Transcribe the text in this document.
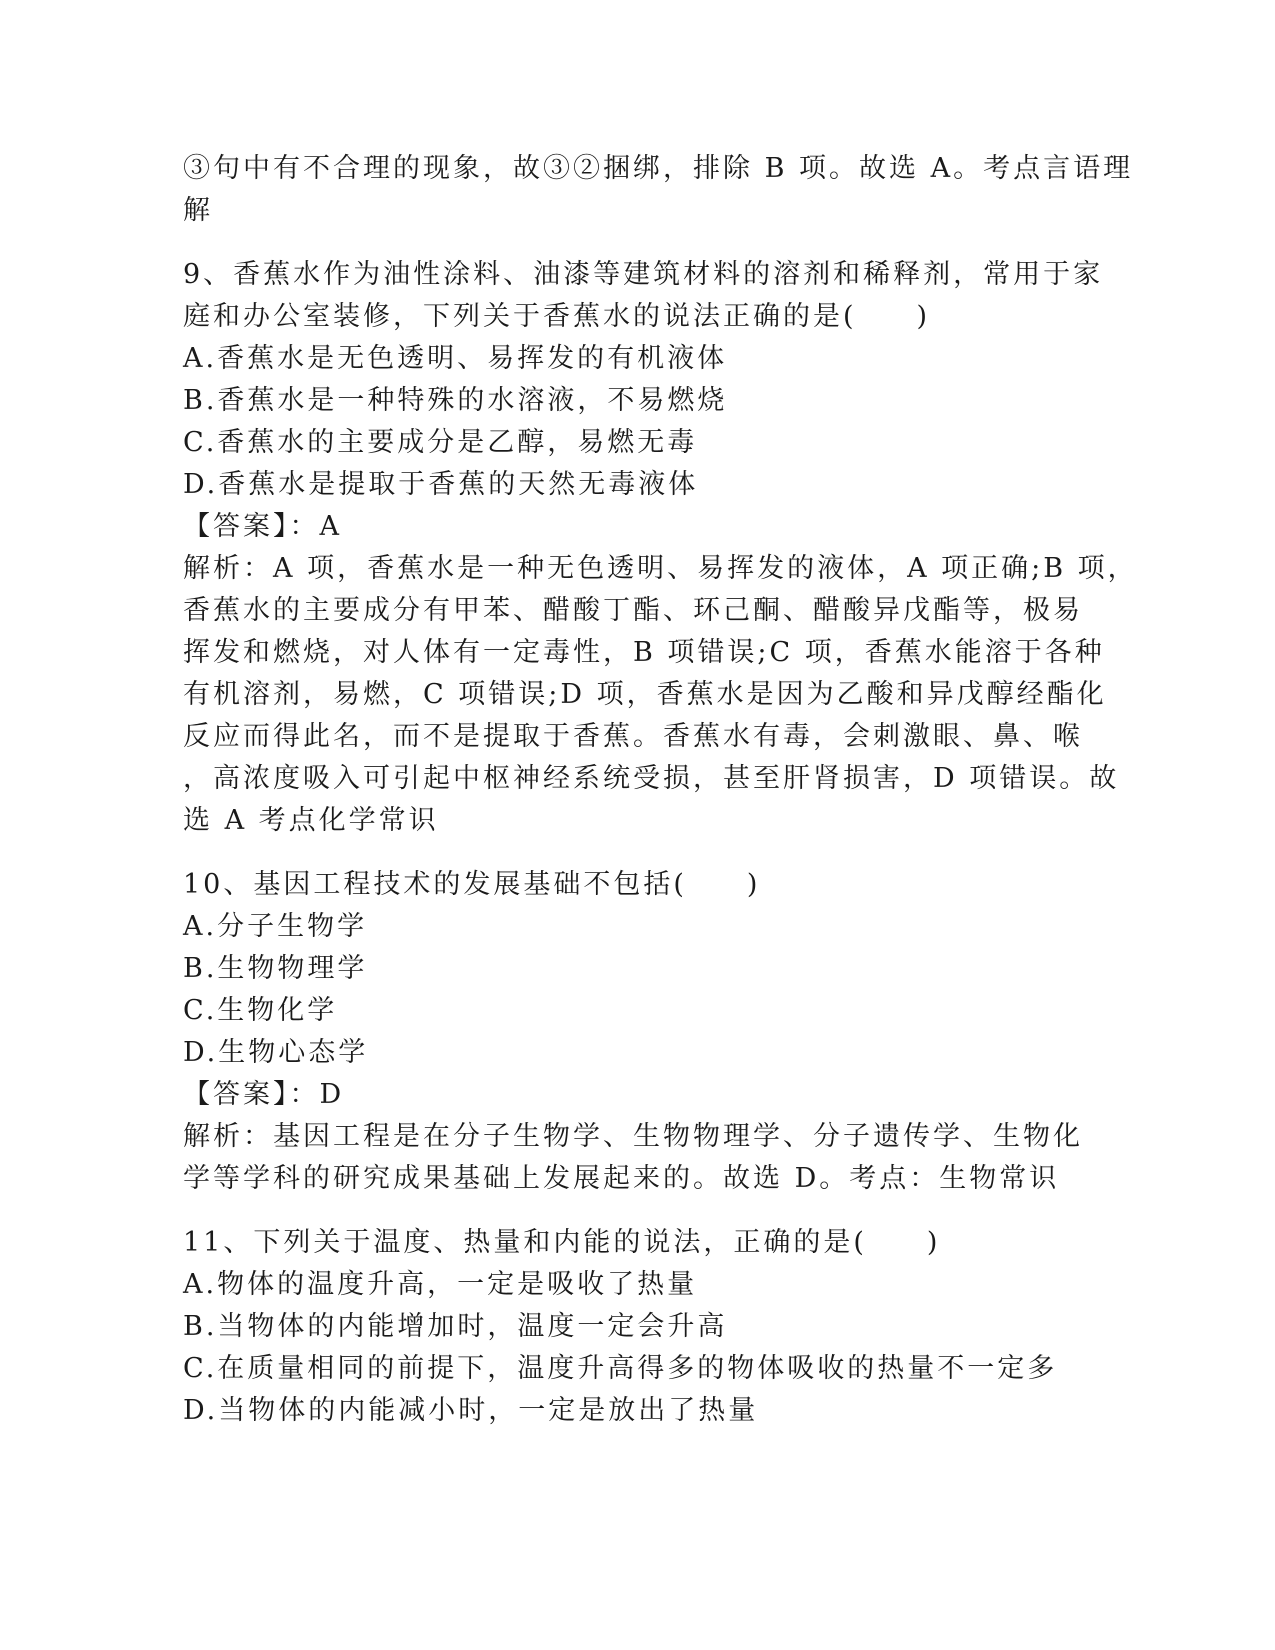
③句中有不合理的现象，故③②捆绑，排除 B 项。故选 A。考点言语理
解
9、香蕉水作为油性涂料、油漆等建筑材料的溶剂和稀释剂，常用于家
庭和办公室装修，下列关于香蕉水的说法正确的是(　　)
A.香蕉水是无色透明、易挥发的有机液体
B.香蕉水是一种特殊的水溶液，不易燃烧
C.香蕉水的主要成分是乙醇，易燃无毒
D.香蕉水是提取于香蕉的天然无毒液体
【答案】：A
解析：A 项，香蕉水是一种无色透明、易挥发的液体，A 项正确;B 项，
香蕉水的主要成分有甲苯、醋酸丁酯、环己酮、醋酸异戊酯等，极易
挥发和燃烧，对人体有一定毒性，B 项错误;C 项，香蕉水能溶于各种
有机溶剂，易燃，C 项错误;D 项，香蕉水是因为乙酸和异戊醇经酯化
反应而得此名，而不是提取于香蕉。香蕉水有毒，会刺激眼、鼻、喉
，高浓度吸入可引起中枢神经系统受损，甚至肝肾损害，D 项错误。故
选 A 考点化学常识
10、基因工程技术的发展基础不包括(　　)
A.分子生物学
B.生物物理学
C.生物化学
D.生物心态学
【答案】：D
解析：基因工程是在分子生物学、生物物理学、分子遗传学、生物化
学等学科的研究成果基础上发展起来的。故选 D。考点：生物常识
11、下列关于温度、热量和内能的说法，正确的是(　　)
A.物体的温度升高，一定是吸收了热量
B.当物体的内能增加时，温度一定会升高
C.在质量相同的前提下，温度升高得多的物体吸收的热量不一定多
D.当物体的内能减小时，一定是放出了热量
